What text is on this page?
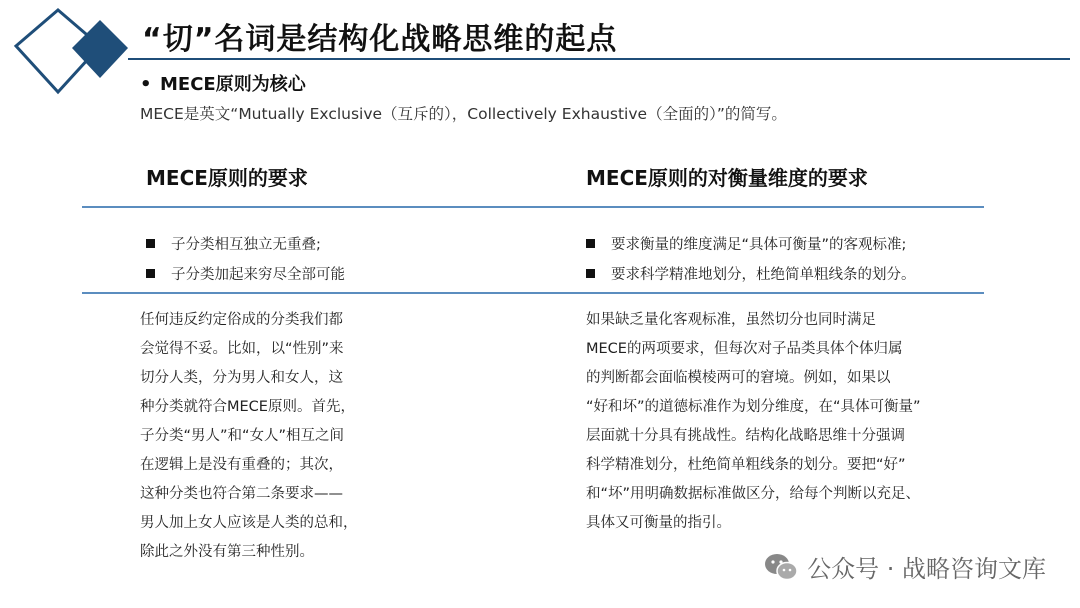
“切”名词是结构化战略思维的起点
• MECE原则为核心
MECE是英文“Mutually Exclusive（互斥的），Collectively Exhaustive（全面的）”的简写。
MECE原则的要求
子分类相互独立无重叠;
子分类加起来穷尽全部可能
任何违反约定俗成的分类我们都
会觉得不妥。比如，以“性别”来
切分人类，分为男人和女人，这
种分类就符合MECE原则。首先，
子分类“男人”和“女人”相互之间
在逻辑上是没有重叠的；其次，
这种分类也符合第二条要求——
男人加上女人应该是人类的总和，
除此之外没有第三种性别。
MECE原则的对衡量维度的要求
要求衡量的维度满足“具体可衡量”的客观标准;
要求科学精准地划分，杜绝简单粗线条的划分。
如果缺乏量化客观标准，虽然切分也同时满足
MECE的两项要求，但每次对子品类具体个体归属
的判断都会面临模棱两可的窘境。例如，如果以
“好和坏”的道德标准作为划分维度，在“具体可衡量”
层面就十分具有挑战性。结构化战略思维十分强调
科学精准划分，杜绝简单粗线条的划分。要把“好”
和“坏”用明确数据标准做区分，给每个判断以充足、
具体又可衡量的指引。
公众号 · 战略咨询文库
